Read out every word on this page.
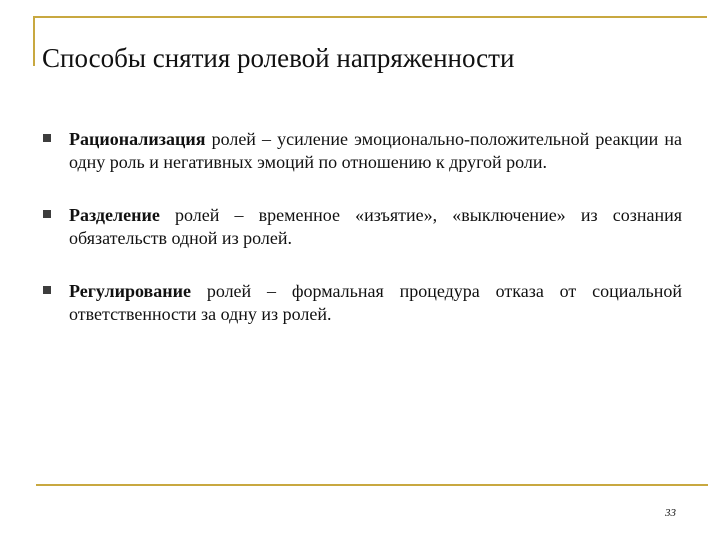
Способы снятия ролевой напряженности
Рационализация ролей – усиление эмоционально-положительной реакции на одну роль и негативных эмоций по отношению к другой роли.
Разделение ролей – временное «изъятие», «выключение» из сознания обязательств одной из ролей.
Регулирование ролей – формальная процедура отказа от социальной ответственности за одну из ролей.
33
